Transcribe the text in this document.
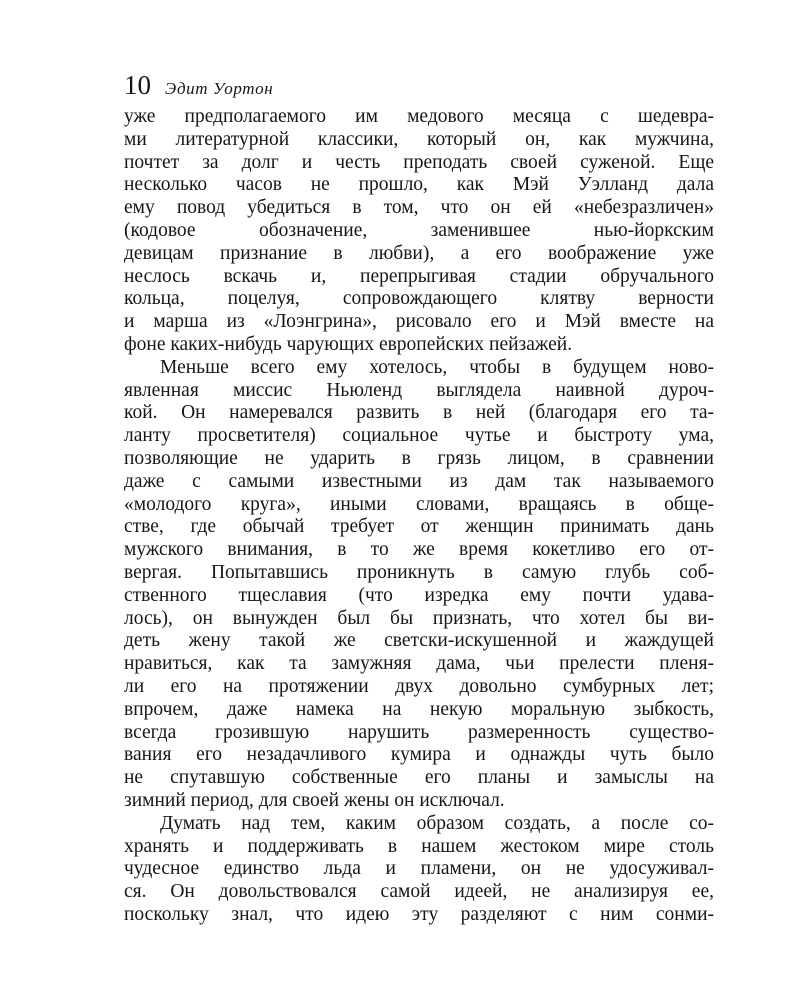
10 Эдит Уортон
уже предполагаемого им медового месяца с шедевра-
ми литературной классики, который он, как мужчина,
почтет за долг и честь преподать своей суженой. Еще
несколько часов не прошло, как Мэй Уэлланд дала
ему повод убедиться в том, что он ей «небезразличен»
(кодовое обозначение, заменившее нью-йоркским
девицам признание в любви), а его воображение уже
неслось вскачь и, перепрыгивая стадии обручального
кольца, поцелуя, сопровождающего клятву верности
и марша из «Лоэнгрина», рисовало его и Мэй вместе на
фоне каких-нибудь чарующих европейских пейзажей.
Меньше всего ему хотелось, чтобы в будущем ново-
явленная миссис Ньюленд выглядела наивной дуроч-
кой. Он намеревался развить в ней (благодаря его та-
ланту просветителя) социальное чутье и быстроту ума,
позволяющие не ударить в грязь лицом, в сравнении
даже с самыми известными из дам так называемого
«молодого круга», иными словами, вращаясь в обще-
стве, где обычай требует от женщин принимать дань
мужского внимания, в то же время кокетливо его от-
вергая. Попытавшись проникнуть в самую глубь соб-
ственного тщеславия (что изредка ему почти удава-
лось), он вынужден был бы признать, что хотел бы ви-
деть жену такой же светски-искушенной и жаждущей
нравиться, как та замужняя дама, чьи прелести пленя-
ли его на протяжении двух довольно сумбурных лет;
впрочем, даже намека на некую моральную зыбкость,
всегда грозившую нарушить размеренность существо-
вания его незадачливого кумира и однажды чуть было
не спутавшую собственные его планы и замыслы на
зимний период, для своей жены он исключал.
Думать над тем, каким образом создать, а после со-
хранять и поддерживать в нашем жестоком мире столь
чудесное единство льда и пламени, он не удосуживал-
ся. Он довольствовался самой идеей, не анализируя ее,
поскольку знал, что идею эту разделяют с ним сонми-
